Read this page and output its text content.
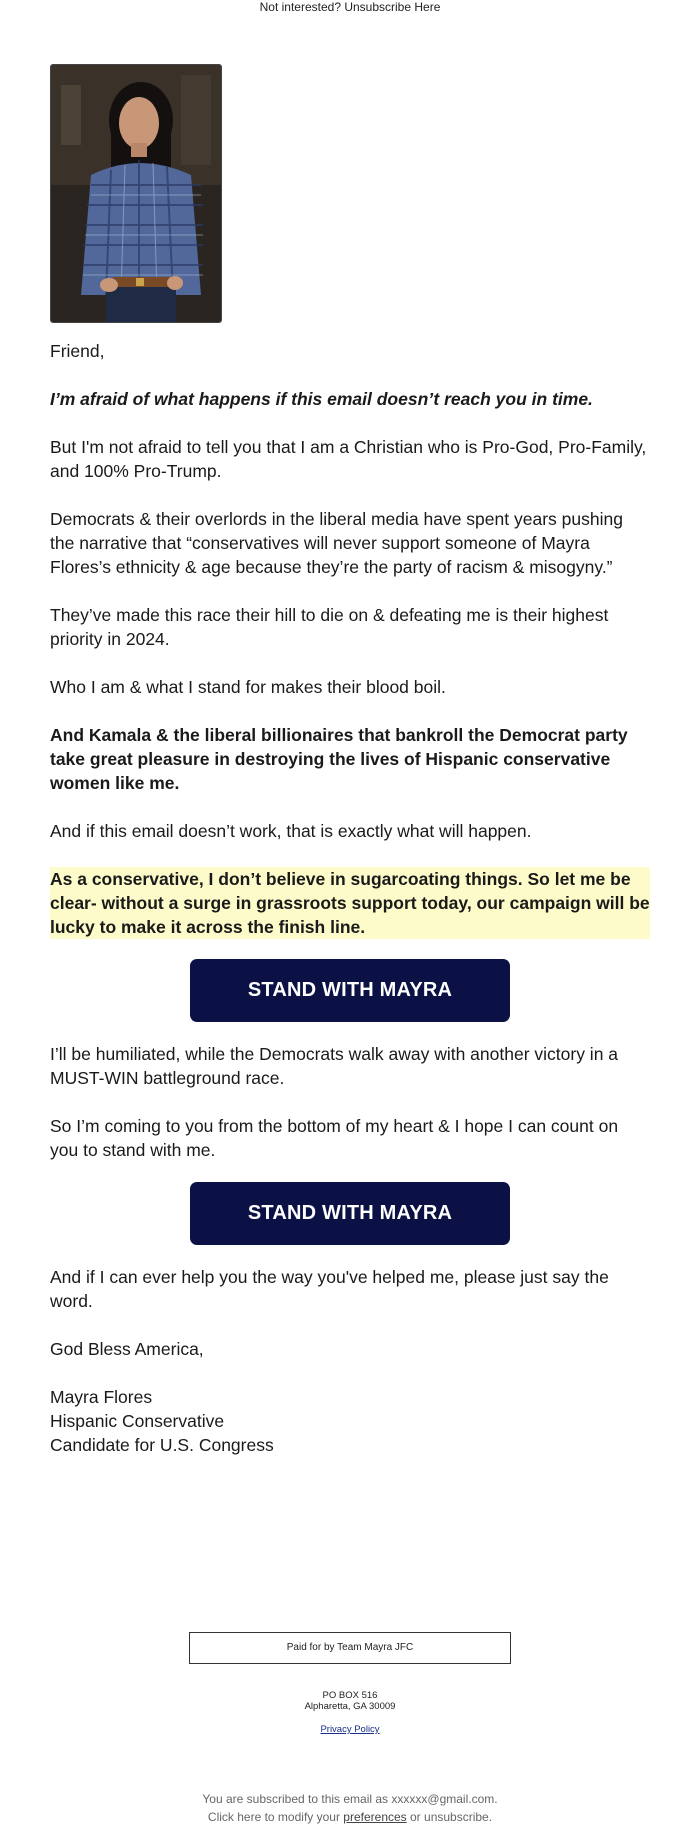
Not interested? Unsubscribe Here

Friend,

I’m afraid of what happens if this email doesn’t reach you in time.

But I'm not afraid to tell you that I am a Christian who is Pro-God, Pro-Family, and 100% Pro-Trump.

Democrats & their overlords in the liberal media have spent years pushing the narrative that “conservatives will never support someone of Mayra Flores’s ethnicity & age because they’re the party of racism & misogyny.”

They’ve made this race their hill to die on & defeating me is their highest priority in 2024.

Who I am & what I stand for makes their blood boil.

And Kamala & the liberal billionaires that bankroll the Democrat party take great pleasure in destroying the lives of Hispanic conservative women like me.

And if this email doesn’t work, that is exactly what will happen.

As a conservative, I don’t believe in sugarcoating things. So let me be clear- without a surge in grassroots support today, our campaign will be lucky to make it across the finish line.

STAND WITH MAYRA

I’ll be humiliated, while the Democrats walk away with another victory in a MUST-WIN battleground race.

So I’m coming to you from the bottom of my heart & I hope I can count on you to stand with me.

STAND WITH MAYRA

And if I can ever help you the way you've helped me, please just say the word.

God Bless America,

Mayra Flores

Hispanic Conservative

Candidate for U.S. Congress

Paid for by Team Mayra JFC
PO BOX 516
Alpharetta, GA 30009
Privacy Policy
You are subscribed to this email as xxxxxx@gmail.com.
Click here to modify your preferences or unsubscribe.
